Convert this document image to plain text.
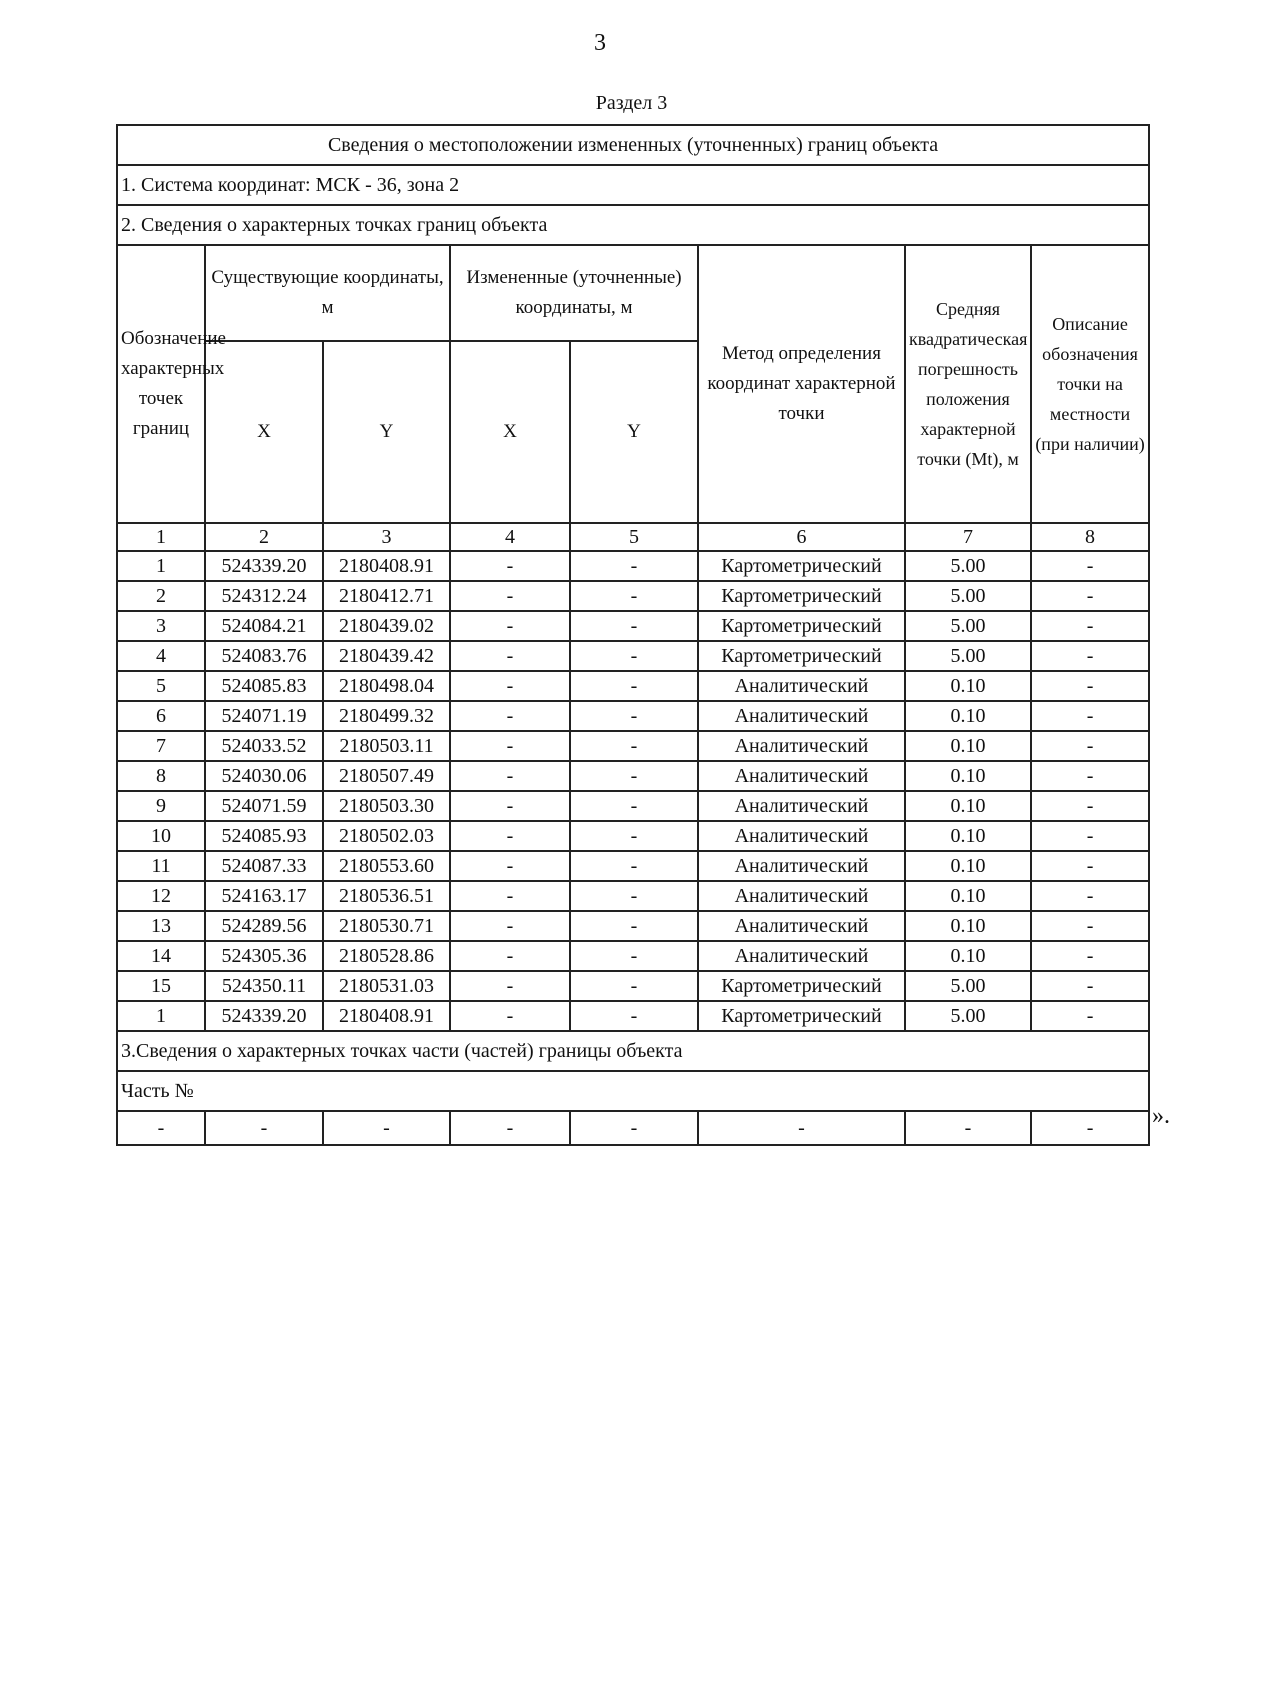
3
Раздел 3
Сведения о местоположении измененных (уточненных) границ объекта							
1. Система координат: МСК - 36, зона 2							
2. Сведения о характерных точках границ объекта							
Обозначение характерных точек границ	Существующие координаты, м		Измененные (уточненные) координаты, м		Метод определения координат характерной точки	Средняя квадратическая погрешность положения характерной точки (Mt), м	Описание обозначения точки на местности (при наличии)
	X	Y	X	Y			
1	2	3	4	5	6	7	8
1	524339.20	2180408.91	-	-	Картометрический	5.00	-
2	524312.24	2180412.71	-	-	Картометрический	5.00	-
3	524084.21	2180439.02	-	-	Картометрический	5.00	-
4	524083.76	2180439.42	-	-	Картометрический	5.00	-
5	524085.83	2180498.04	-	-	Аналитический	0.10	-
6	524071.19	2180499.32	-	-	Аналитический	0.10	-
7	524033.52	2180503.11	-	-	Аналитический	0.10	-
8	524030.06	2180507.49	-	-	Аналитический	0.10	-
9	524071.59	2180503.30	-	-	Аналитический	0.10	-
10	524085.93	2180502.03	-	-	Аналитический	0.10	-
11	524087.33	2180553.60	-	-	Аналитический	0.10	-
12	524163.17	2180536.51	-	-	Аналитический	0.10	-
13	524289.56	2180530.71	-	-	Аналитический	0.10	-
14	524305.36	2180528.86	-	-	Аналитический	0.10	-
15	524350.11	2180531.03	-	-	Картометрический	5.00	-
1	524339.20	2180408.91	-	-	Картометрический	5.00	-
3.Сведения о характерных точках части (частей) границы объекта							
Часть №							
-	-	-	-	-	-	-	- ».
